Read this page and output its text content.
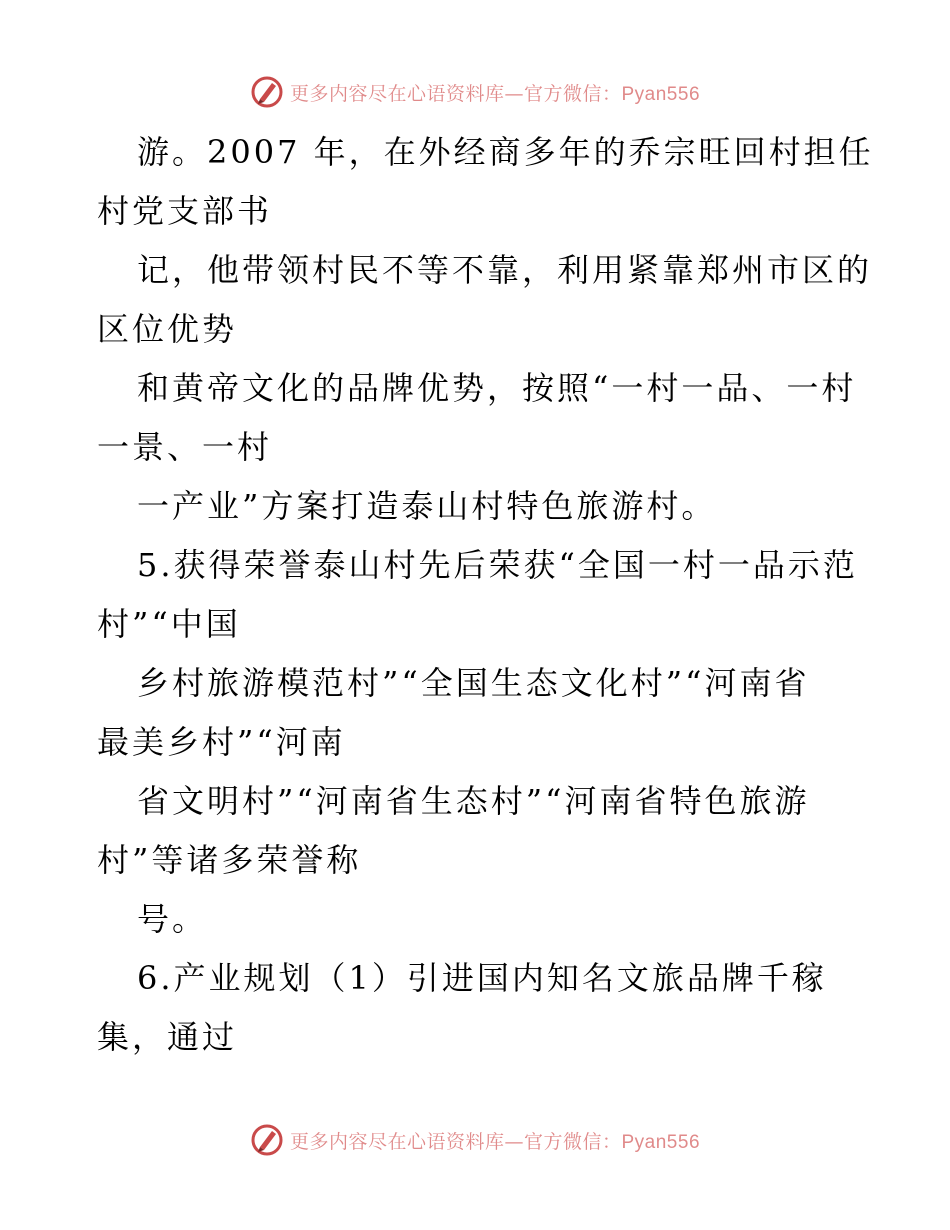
更多内容尽在心语资料库—官方微信：Pyan556
游。2007 年，在外经商多年的乔宗旺回村担任
村党支部书
记，他带领村民不等不靠，利用紧靠郑州市区的
区位优势
和黄帝文化的品牌优势，按照“一村一品、一村
一景、一村
一产业”方案打造泰山村特色旅游村。
5.获得荣誉泰山村先后荣获“全国一村一品示范
村”“中国
乡村旅游模范村”“全国生态文化村”“河南省
最美乡村”“河南
省文明村”“河南省生态村”“河南省特色旅游
村”等诸多荣誉称
号。
6.产业规划（1）引进国内知名文旅品牌千稼
集，通过
更多内容尽在心语资料库—官方微信：Pyan556
